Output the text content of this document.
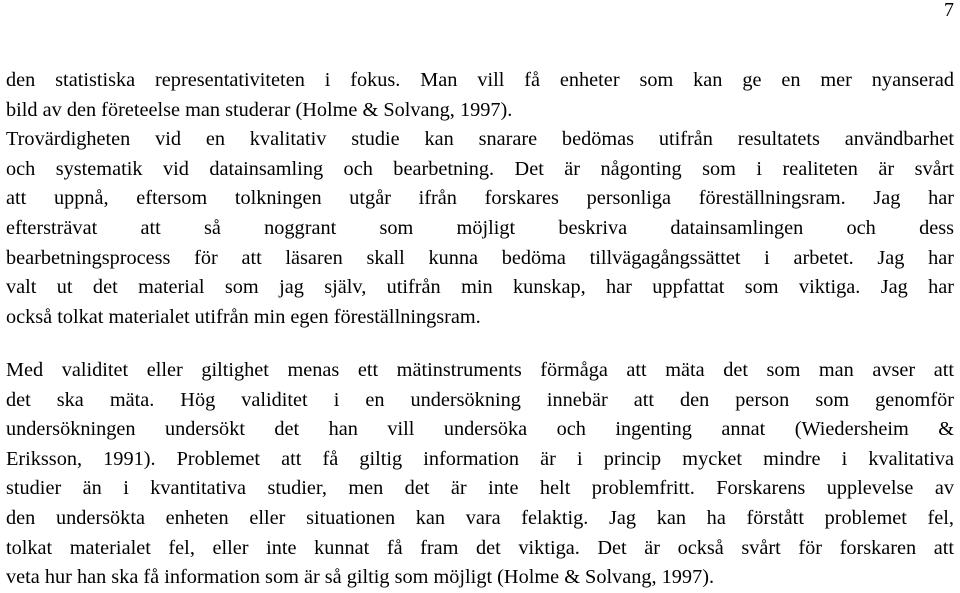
7
den statistiska representativiteten i fokus. Man vill få enheter som kan ge en mer nyanserad
bild av den företeelse man studerar (Holme & Solvang, 1997).
Trovärdigheten vid en kvalitativ studie kan snarare bedömas utifrån resultatets användbarhet
och systematik vid datainsamling och bearbetning. Det är någonting som i realiteten är svårt
att uppnå, eftersom tolkningen utgår ifrån forskares personliga föreställningsram. Jag har
eftersträvat att så noggrant som möjligt beskriva datainsamlingen och dess
bearbetningsprocess för att läsaren skall kunna bedöma tillvägagångssättet i arbetet. Jag har
valt ut det material som jag själv, utifrån min kunskap, har uppfattat som viktiga. Jag har
också tolkat materialet utifrån min egen föreställningsram.
Med validitet eller giltighet menas ett mätinstruments förmåga att mäta det som man avser att
det ska mäta. Hög validitet i en undersökning innebär att den person som genomför
undersökningen undersökt det han vill undersöka och ingenting annat (Wiedersheim &
Eriksson, 1991). Problemet att få giltig information är i princip mycket mindre i kvalitativa
studier än i kvantitativa studier, men det är inte helt problemfritt. Forskarens upplevelse av
den undersökta enheten eller situationen kan vara felaktig. Jag kan ha förstått problemet fel,
tolkat materialet fel, eller inte kunnat få fram det viktiga. Det är också svårt för forskaren att
veta hur han ska få information som är så giltig som möjligt (Holme & Solvang, 1997).
